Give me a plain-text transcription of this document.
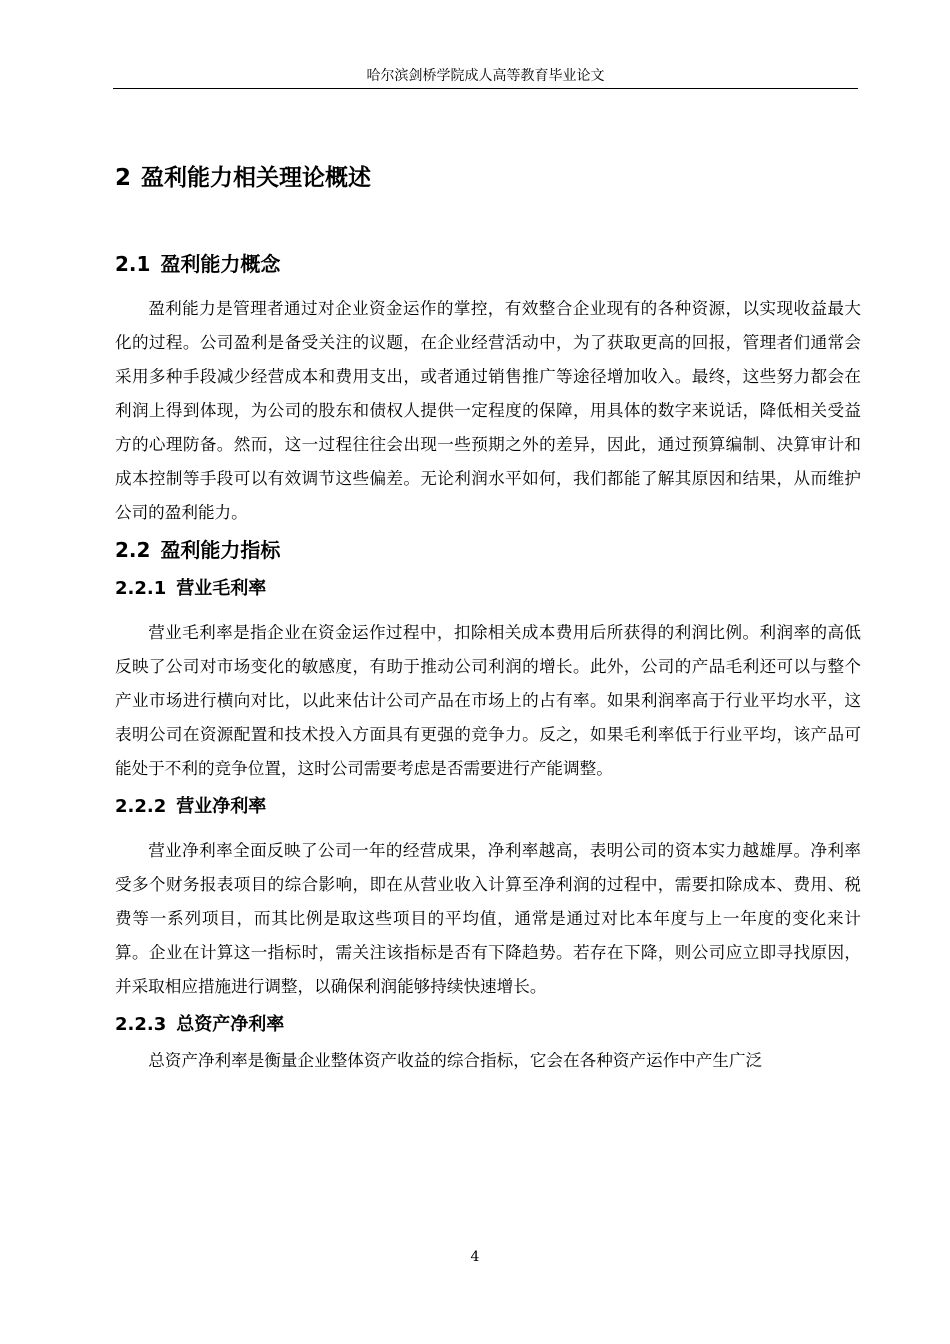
哈尔滨剑桥学院成人高等教育毕业论文
2 盈利能力相关理论概述
2.1 盈利能力概念

盈利能力是管理者通过对企业资金运作的掌控，有效整合企业现有的各种资源，以实现收益最大化的过程。公司盈利是备受关注的议题，在企业经营活动中，为了获取更高的回报，管理者们通常会采用多种手段减少经营成本和费用支出，或者通过销售推广等途径增加收入。最终，这些努力都会在利润上得到体现，为公司的股东和债权人提供一定程度的保障，用具体的数字来说话，降低相关受益方的心理防备。然而，这一过程往往会出现一些预期之外的差异，因此，通过预算编制、决算审计和成本控制等手段可以有效调节这些偏差。无论利润水平如何，我们都能了解其原因和结果，从而维护公司的盈利能力。

2.2 盈利能力指标
2.2.1 营业毛利率

营业毛利率是指企业在资金运作过程中，扣除相关成本费用后所获得的利润比例。利润率的高低反映了公司对市场变化的敏感度，有助于推动公司利润的增长。此外，公司的产品毛利还可以与整个产业市场进行横向对比，以此来估计公司产品在市场上的占有率。如果利润率高于行业平均水平，这表明公司在资源配置和技术投入方面具有更强的竞争力。反之，如果毛利率低于行业平均，该产品可能处于不利的竞争位置，这时公司需要考虑是否需要进行产能调整。

2.2.2 营业净利率

营业净利率全面反映了公司一年的经营成果，净利率越高，表明公司的资本实力越雄厚。净利率受多个财务报表项目的综合影响，即在从营业收入计算至净利润的过程中，需要扣除成本、费用、税费等一系列项目，而其比例是取这些项目的平均值，通常是通过对比本年度与上一年度的变化来计算。企业在计算这一指标时，需关注该指标是否有下降趋势。若存在下降，则公司应立即寻找原因，并采取相应措施进行调整，以确保利润能够持续快速增长。

2.2.3 总资产净利率

总资产净利率是衡量企业整体资产收益的综合指标，它会在各种资产运作中产生广泛

4
